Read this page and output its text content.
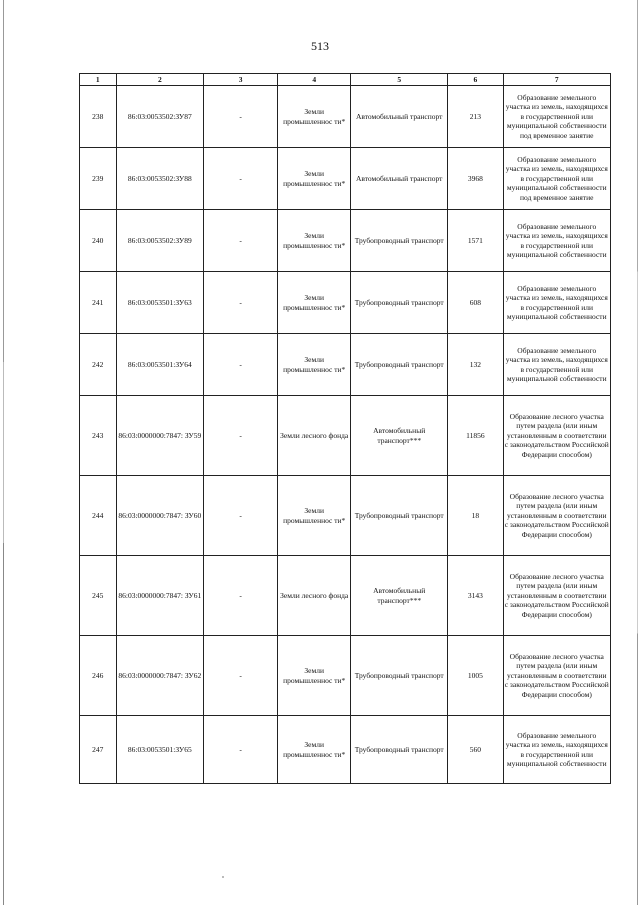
513
1	2	3	4	5	6	7
238	86:03:0053502:ЗУ87	-	Земли промышленнос ти*	Автомобильный транспорт	213	Образование земельного участка из земель, находящихся в государственной или муниципальной собственности под временное занятие
239	86:03:0053502:ЗУ88	-	Земли промышленнос ти*	Автомобильный транспорт	3968	Образование земельного участка из земель, находящихся в государственной или муниципальной собственности под временное занятие
240	86:03:0053502:ЗУ89	-	Земли промышленнос ти*	Трубопроводный транспорт	1571	Образование земельного участка из земель, находящихся в государственной или муниципальной собственности
241	86:03:0053501:ЗУ63	-	Земли промышленнос ти*	Трубопроводный транспорт	608	Образование земельного участка из земель, находящихся в государственной или муниципальной собственности
242	86:03:0053501:ЗУ64	-	Земли промышленнос ти*	Трубопроводный транспорт	132	Образование земельного участка из земель, находящихся в государственной или муниципальной собственности
243	86:03:0000000:7847: ЗУ59	-	Земли лесного фонда	Автомобильный транспорт***	11856	Образование лесного участка путем раздела (или иным установленным в соответствии с законодательством Российской Федерации способом)
244	86:03:0000000:7847: ЗУ60	-	Земли промышленнос ти*	Трубопроводный транспорт	18	Образование лесного участка путем раздела (или иным установленным в соответствии с законодательством Российской Федерации способом)
245	86:03:0000000:7847: ЗУ61	-	Земли лесного фонда	Автомобильный транспорт***	3143	Образование лесного участка путем раздела (или иным установленным в соответствии с законодательством Российской Федерации способом)
246	86:03:0000000:7847: ЗУ62	-	Земли промышленнос ти*	Трубопроводный транспорт	1005	Образование лесного участка путем раздела (или иным установленным в соответствии с законодательством Российской Федерации способом)
247	86:03:0053501:ЗУ65	-	Земли промышленнос ти*	Трубопроводный транспорт	560	Образование земельного участка из земель, находящихся в государственной или муниципальной собственности
